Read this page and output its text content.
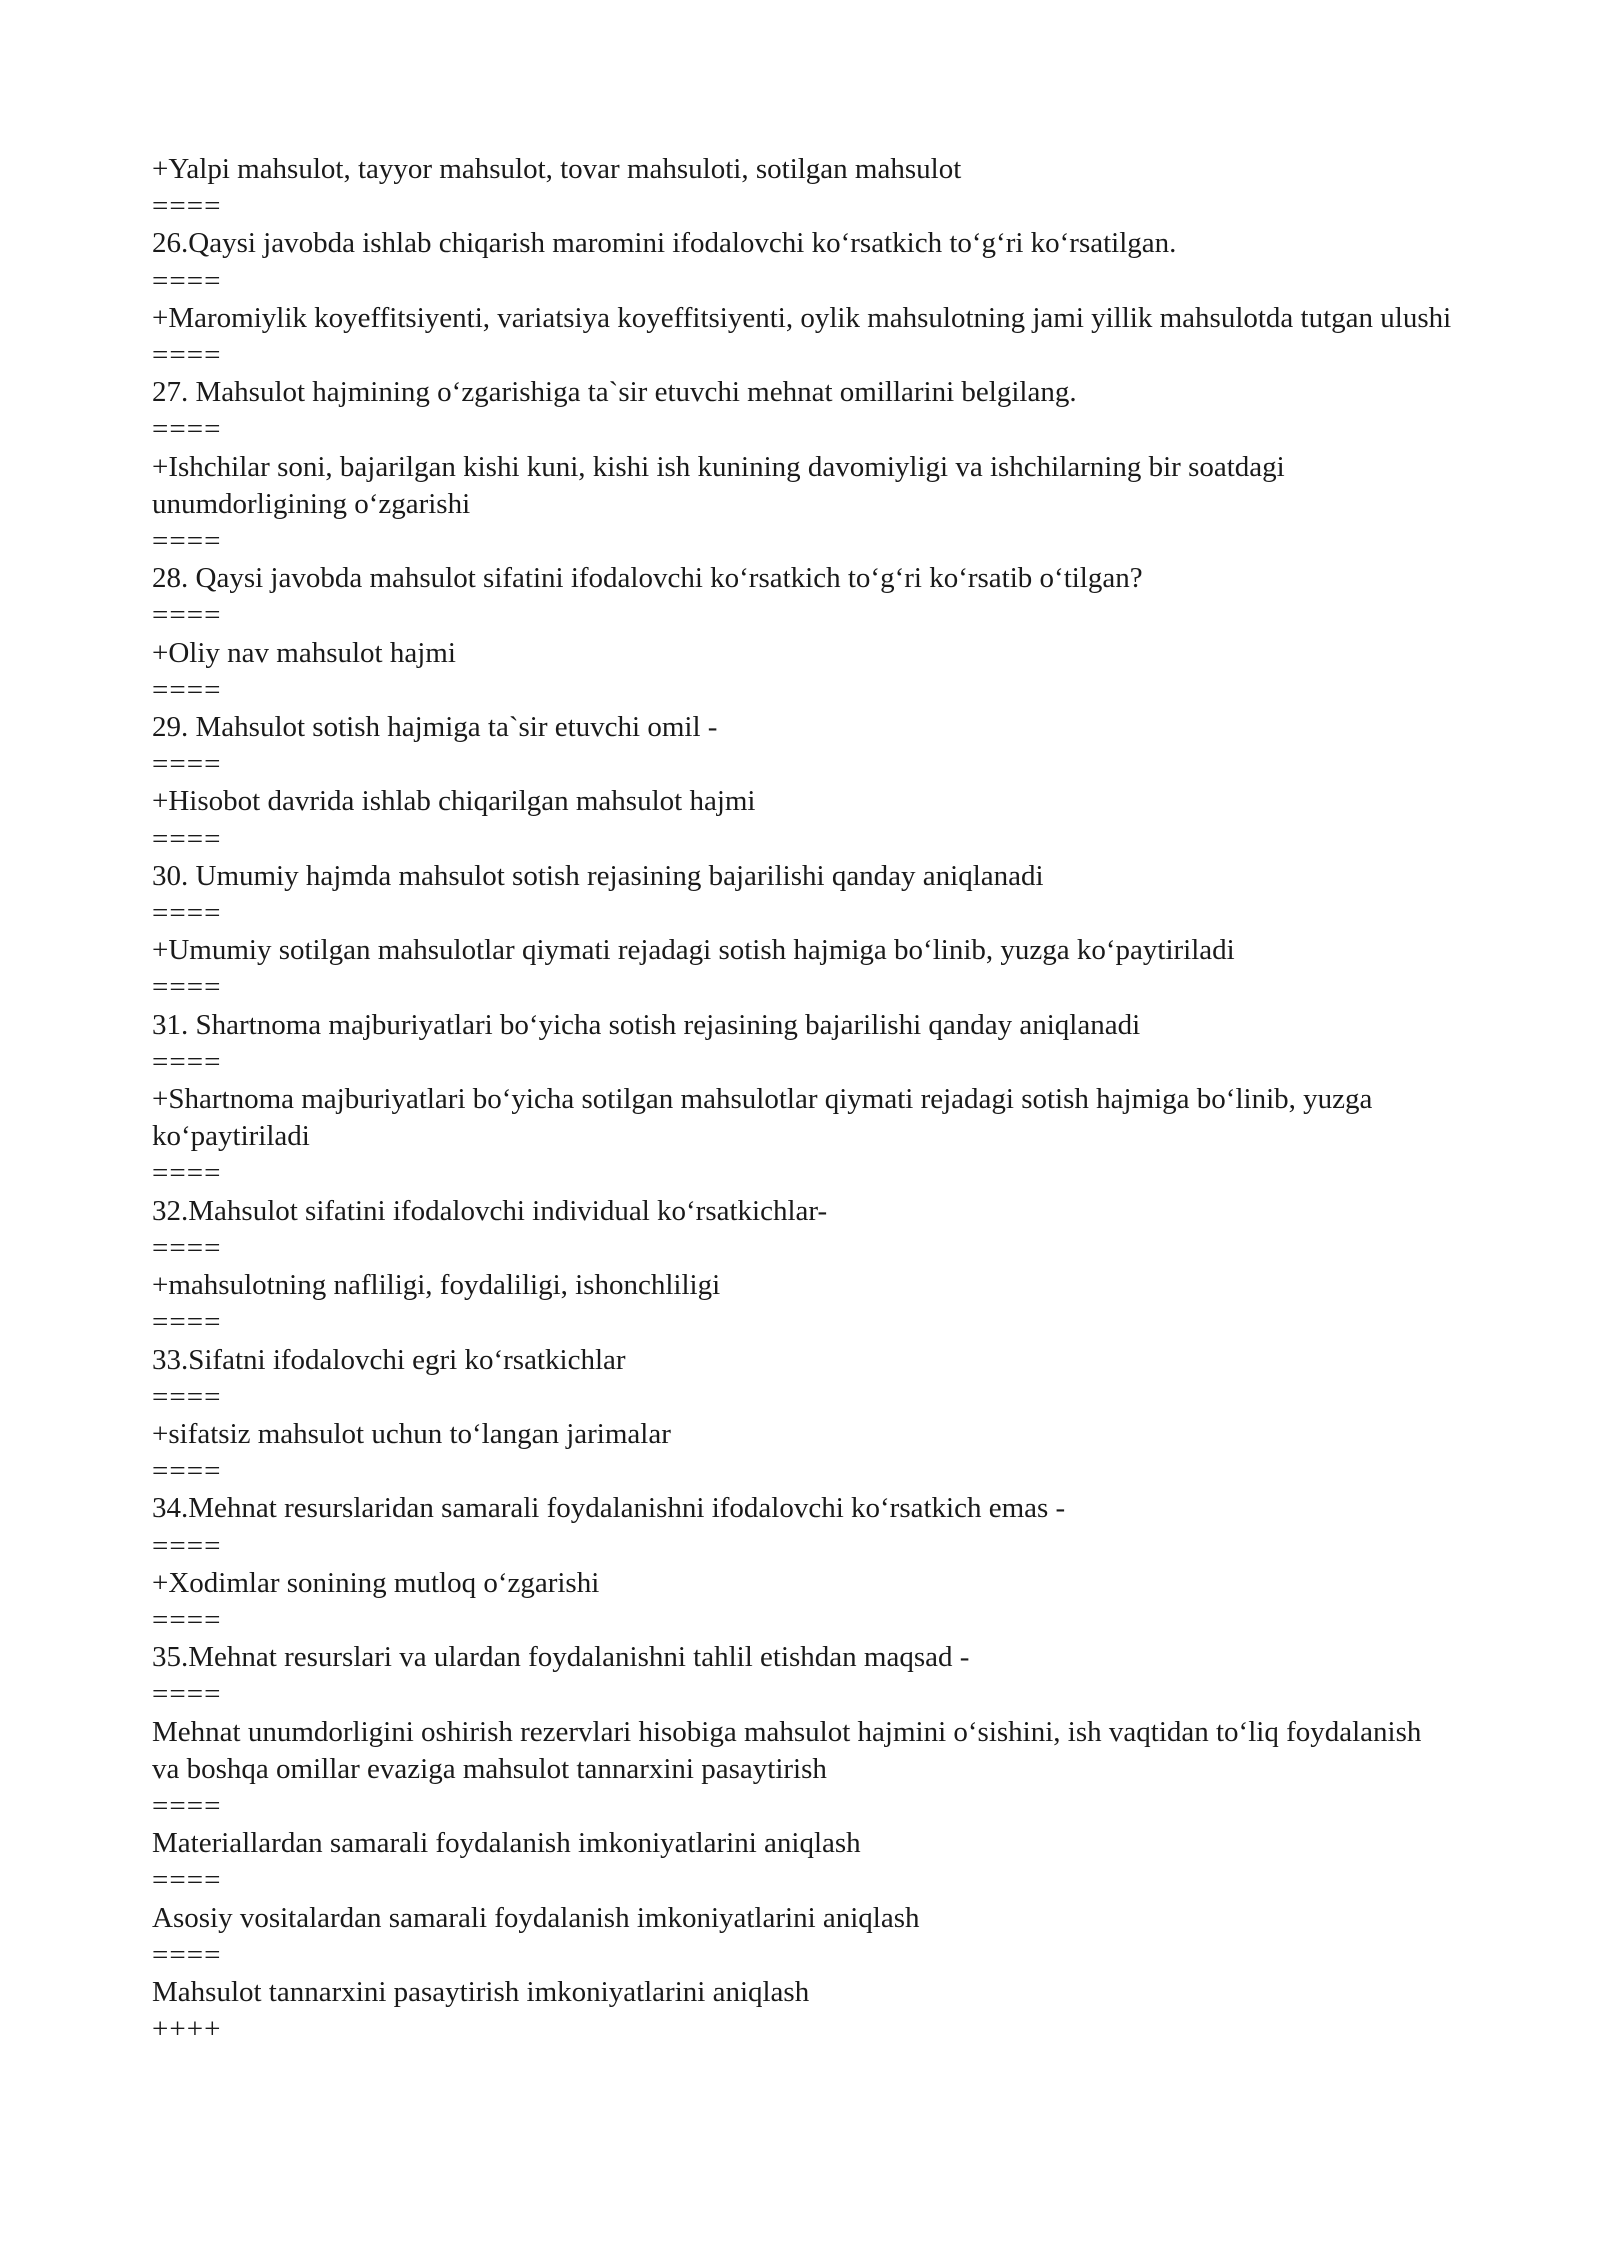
+Yalpi mahsulot, tayyor mahsulot, tovar mahsuloti, sotilgan mahsulot

====

26.Qaysi javobda ishlab chiqarish maromini ifodalovchi koʻrsatkich toʻgʻri koʻrsatilgan.

====

+Maromiylik koyeffitsiyenti, variatsiya koyeffitsiyenti, oylik mahsulotning jami yillik mahsulotda tutgan ulushi

====

27. Mahsulot hajmining oʻzgarishiga ta`sir etuvchi mehnat omillarini belgilang.

====

+Ishchilar soni, bajarilgan kishi kuni, kishi ish kunining davomiyligi va ishchilarning bir soatdagi unumdorligining oʻzgarishi

====

28. Qaysi javobda mahsulot sifatini ifodalovchi koʻrsatkich toʻgʻri koʻrsatib oʻtilgan?

====

+Oliy nav mahsulot hajmi

====

29. Mahsulot sotish hajmiga ta`sir etuvchi omil -

====

+Hisobot davrida ishlab chiqarilgan mahsulot hajmi

====

30. Umumiy hajmda mahsulot sotish rejasining bajarilishi qanday aniqlanadi

====

+Umumiy sotilgan mahsulotlar qiymati rejadagi sotish hajmiga boʻlinib, yuzga koʻpaytiriladi

====

31. Shartnoma majburiyatlari boʻyicha sotish rejasining bajarilishi qanday aniqlanadi

====

+Shartnoma majburiyatlari boʻyicha sotilgan mahsulotlar qiymati rejadagi sotish hajmiga boʻlinib, yuzga koʻpaytiriladi

====

32.Mahsulot sifatini ifodalovchi individual koʻrsatkichlar-

====

+mahsulotning nafliligi, foydaliligi, ishonchliligi

====

33.Sifatni ifodalovchi egri koʻrsatkichlar

====

+sifatsiz mahsulot uchun toʻlangan jarimalar

====

34.Mehnat resurslaridan samarali foydalanishni ifodalovchi koʻrsatkich emas -

====

+Xodimlar sonining mutloq oʻzgarishi

====

35.Mehnat resurslari va ulardan foydalanishni tahlil etishdan maqsad -

====

Mehnat unumdorligini oshirish rezervlari hisobiga mahsulot hajmini oʻsishini, ish vaqtidan toʻliq foydalanish va boshqa omillar evaziga mahsulot tannarxini pasaytirish

====

Materiallardan samarali foydalanish imkoniyatlarini aniqlash

====

Asosiy vositalardan samarali foydalanish imkoniyatlarini aniqlash

====

Mahsulot tannarxini pasaytirish imkoniyatlarini aniqlash

++++
